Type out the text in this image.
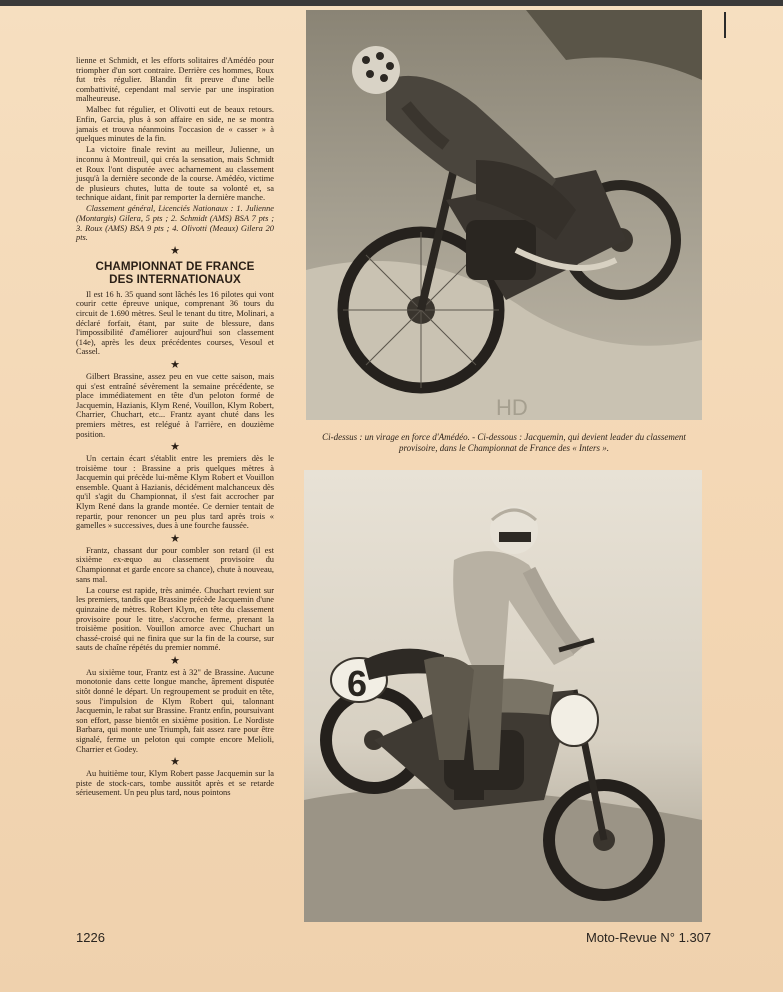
lienne et Schmidt, et les efforts solitaires d'Amédéo pour triompher d'un sort contraire. Derrière ces hommes, Roux fut très régulier. Blandin fit preuve d'une belle combattivité, cependant mal servie par une inspiration malheureuse.

Malbec fut régulier, et Olivotti eut de beaux retours. Enfin, Garcia, plus à son affaire en side, ne se montra jamais et trouva néanmoins l'occasion de « casser » à quelques minutes de la fin.

La victoire finale revint au meilleur, Julienne, un inconnu à Montreuil, qui créa la sensation, mais Schmidt et Roux l'ont disputée avec acharnement au classement jusqu'à la dernière seconde de la course. Amédéo, victime de plusieurs chutes, lutta de toute sa volonté et, sa technique aidant, finit par remporter la dernière manche.

Classement général, Licenciés Nationaux : 1. Julienne (Montargis) Gilera, 5 pts ; 2. Schmidt (AMS) BSA 7 pts ; 3. Roux (AMS) BSA 9 pts ; 4. Olivotti (Meaux) Gilera 20 pts.

★
CHAMPIONNAT DE FRANCE
DES INTERNATIONAUX

Il est 16 h. 35 quand sont lâchés les 16 pilotes qui vont courir cette épreuve unique, comprenant 36 tours du circuit de 1.690 mètres. Seul le tenant du titre, Molinari, a déclaré forfait, étant, par suite de blessure, dans l'impossibilité d'améliorer aujourd'hui son classement (14e), après les deux précédentes courses, Vesoul et Cassel.

★

Gilbert Brassine, assez peu en vue cette saison, mais qui s'est entraîné sévèrement la semaine précédente, se place immédiatement en tête d'un peloton formé de Jacquemin, Hazianis, Klym René, Vouillon, Klym Robert, Charrier, Chuchart, etc... Frantz ayant chuté dans les premiers mètres, est relégué à l'arrière, en douzième position.

★

Un certain écart s'établit entre les premiers dès le troisième tour : Brassine a pris quelques mètres à Jacquemin qui précède lui-même Klym Robert et Vouillon ensemble. Quant à Hazianis, décidément malchanceux dès qu'il s'agit du Championnat, il s'est fait accrocher par Klym René dans la grande montée. Ce dernier tentait de repartir, pour renoncer un peu plus tard après trois « gamelles » successives, dues à une fourche faussée.

★

Frantz, chassant dur pour combler son retard (il est sixième ex-æquo au classement provisoire du Championnat et garde encore sa chance), chute à nouveau, sans mal.

La course est rapide, très animée. Chuchart revient sur les premiers, tandis que Brassine précède Jacquemin d'une quinzaine de mètres. Robert Klym, en tête du classement provisoire pour le titre, s'accroche ferme, prenant la troisième position. Vouillon amorce avec Chuchart un chassé-croisé qui ne finira que sur la fin de la course, sur sauts de chaîne répétés du premier nommé.

★

Au sixième tour, Frantz est à 32" de Brassine. Aucune monotonie dans cette longue manche, âprement disputée sitôt donné le départ. Un regroupement se produit en tête, sous l'impulsion de Klym Robert qui, talonnant Jacquemin, le rabat sur Brassine. Frantz enfin, poursuivant son effort, passe bientôt en sixième position. Le Nordiste Barbara, qui monte une Triumph, fait assez rare pour être signalé, ferme un peloton qui compte encore Melioli, Charrier et Godey.

★

Au huitième tour, Klym Robert passe Jacquemin sur la piste de stock-cars, tombe aussitôt après et se retarde sérieusement. Un peu plus tard, nous pointons

HD
Ci-dessus : un virage en force d'Amédéo. - Ci-dessous : Jacquemin, qui devient leader du classement provisoire, dans le Championnat de France des « Inters ».
6
1226	Moto-Revue N° 1.307
